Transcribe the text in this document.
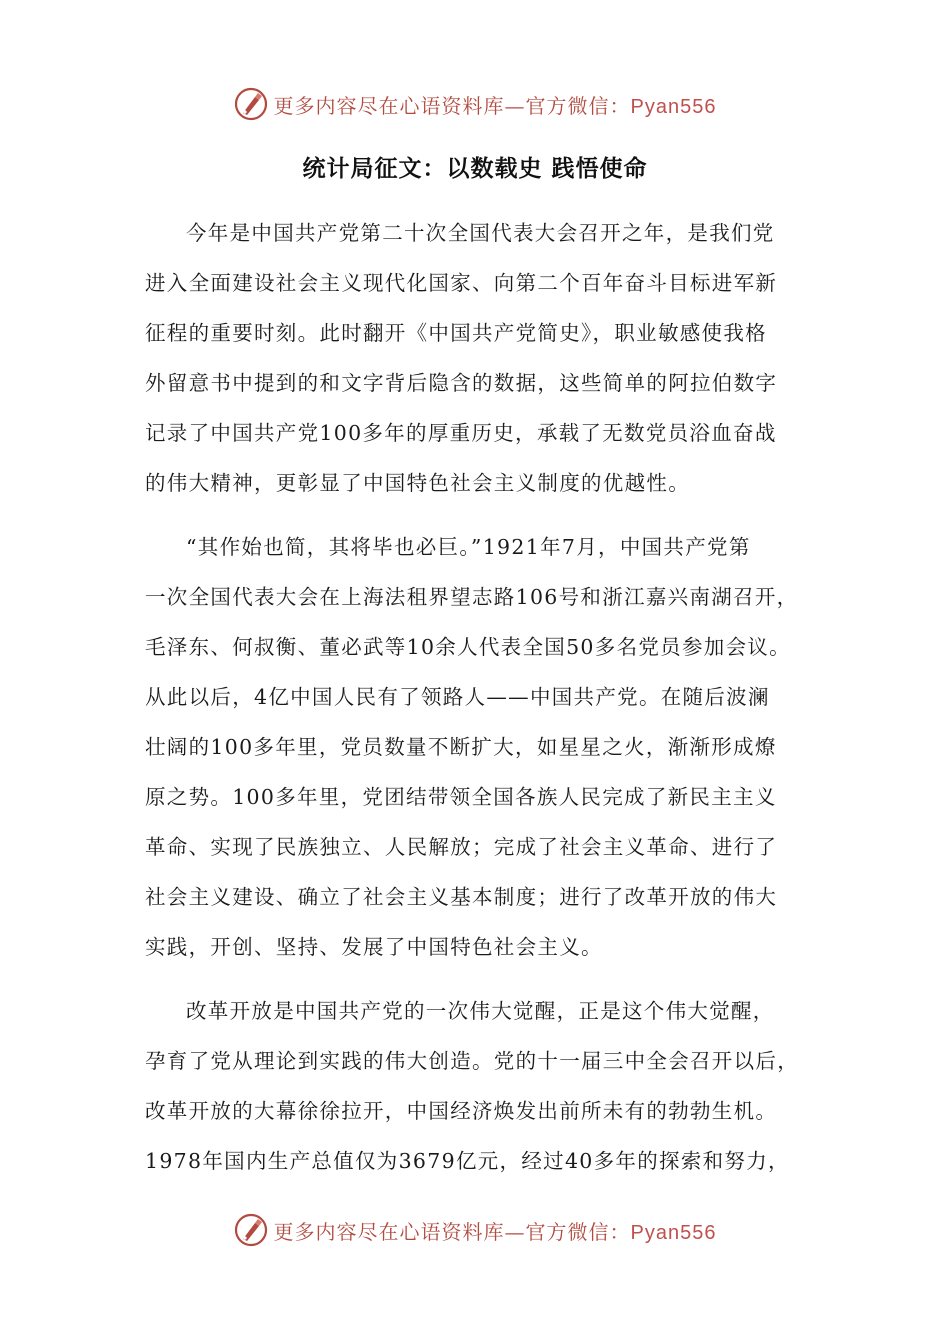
更多内容尽在心语资料库—官方微信：Pyan556
统计局征文：以数载史 践悟使命
今年是中国共产党第二十次全国代表大会召开之年，是我们党
进入全面建设社会主义现代化国家、向第二个百年奋斗目标进军新
征程的重要时刻。此时翻开《中国共产党简史》，职业敏感使我格
外留意书中提到的和文字背后隐含的数据，这些简单的阿拉伯数字
记录了中国共产党100多年的厚重历史，承载了无数党员浴血奋战
的伟大精神，更彰显了中国特色社会主义制度的优越性。
“其作始也简，其将毕也必巨。”1921年7月，中国共产党第
一次全国代表大会在上海法租界望志路106号和浙江嘉兴南湖召开，
毛泽东、何叔衡、董必武等10余人代表全国50多名党员参加会议。
从此以后，4亿中国人民有了领路人——中国共产党。在随后波澜
壮阔的100多年里，党员数量不断扩大，如星星之火，渐渐形成燎
原之势。100多年里，党团结带领全国各族人民完成了新民主主义
革命、实现了民族独立、人民解放；完成了社会主义革命、进行了
社会主义建设、确立了社会主义基本制度；进行了改革开放的伟大
实践，开创、坚持、发展了中国特色社会主义。
改革开放是中国共产党的一次伟大觉醒，正是这个伟大觉醒，
孕育了党从理论到实践的伟大创造。党的十一届三中全会召开以后，
改革开放的大幕徐徐拉开，中国经济焕发出前所未有的勃勃生机。
1978年国内生产总值仅为3679亿元，经过40多年的探索和努力，
更多内容尽在心语资料库—官方微信：Pyan556
